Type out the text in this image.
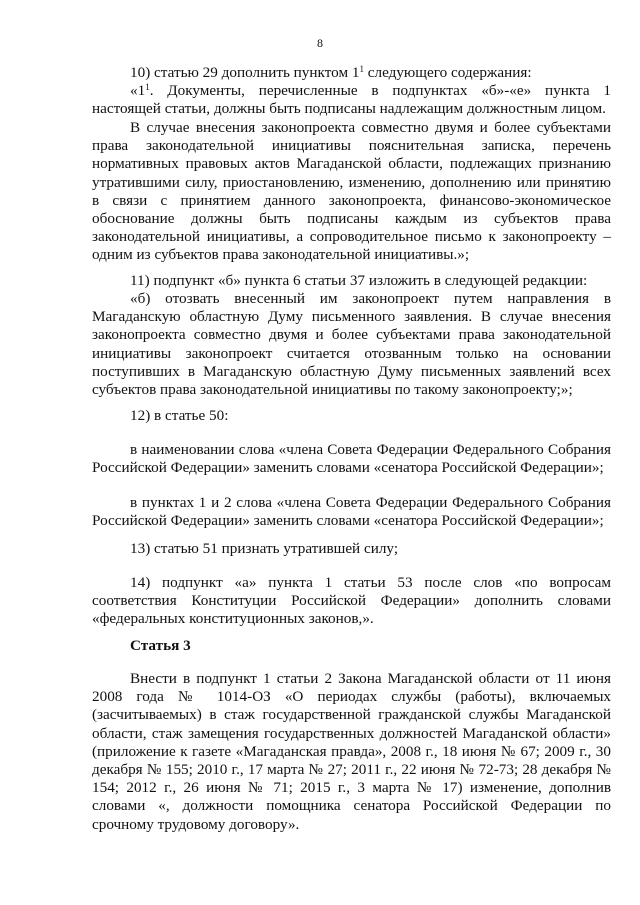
8

10) статью 29 дополнить пунктом $1^1$ следующего содержания:

«$1^1$. Документы, перечисленные в подпунктах «б»-«е» пункта 1 настоящей статьи, должны быть подписаны надлежащим должностным лицом.

В случае внесения законопроекта совместно двумя и более субъектами права законодательной инициативы пояснительная записка, перечень нормативных правовых актов Магаданской области, подлежащих признанию утратившими силу, приостановлению, изменению, дополнению или принятию в связи с принятием данного законопроекта, финансово-экономическое обоснование должны быть подписаны каждым из субъектов права законодательной инициативы, а сопроводительное письмо к законопроекту – одним из субъектов права законодательной инициативы.»;

11) подпункт «б» пункта 6 статьи 37 изложить в следующей редакции:

«б) отозвать внесенный им законопроект путем направления в Магаданскую областную Думу письменного заявления. В случае внесения законопроекта совместно двумя и более субъектами права законодательной инициативы законопроект считается отозванным только на основании поступивших в Магаданскую областную Думу письменных заявлений всех субъектов права законодательной инициативы по такому законопроекту;»;

12) в статье 50:

в наименовании слова «члена Совета Федерации Федерального Собрания Российской Федерации» заменить словами «сенатора Российской Федерации»;

в пунктах 1 и 2 слова «члена Совета Федерации Федерального Собрания Российской Федерации» заменить словами «сенатора Российской Федерации»;

13) статью 51 признать утратившей силу;

14) подпункт «а» пункта 1 статьи 53 после слов «по вопросам соответствия Конституции Российской Федерации» дополнить словами «федеральных конституционных законов,».

Статья 3

Внести в подпункт 1 статьи 2 Закона Магаданской области от 11 июня 2008 года № 1014-ОЗ «О периодах службы (работы), включаемых (засчитываемых) в стаж государственной гражданской службы Магаданской области, стаж замещения государственных должностей Магаданской области» (приложение к газете «Магаданская правда», 2008 г., 18 июня № 67; 2009 г., 30 декабря № 155; 2010 г., 17 марта № 27; 2011 г., 22 июня № 72-73; 28 декабря № 154; 2012 г., 26 июня № 71; 2015 г., 3 марта № 17) изменение, дополнив словами «, должности помощника сенатора Российской Федерации по срочному трудовому договору».
